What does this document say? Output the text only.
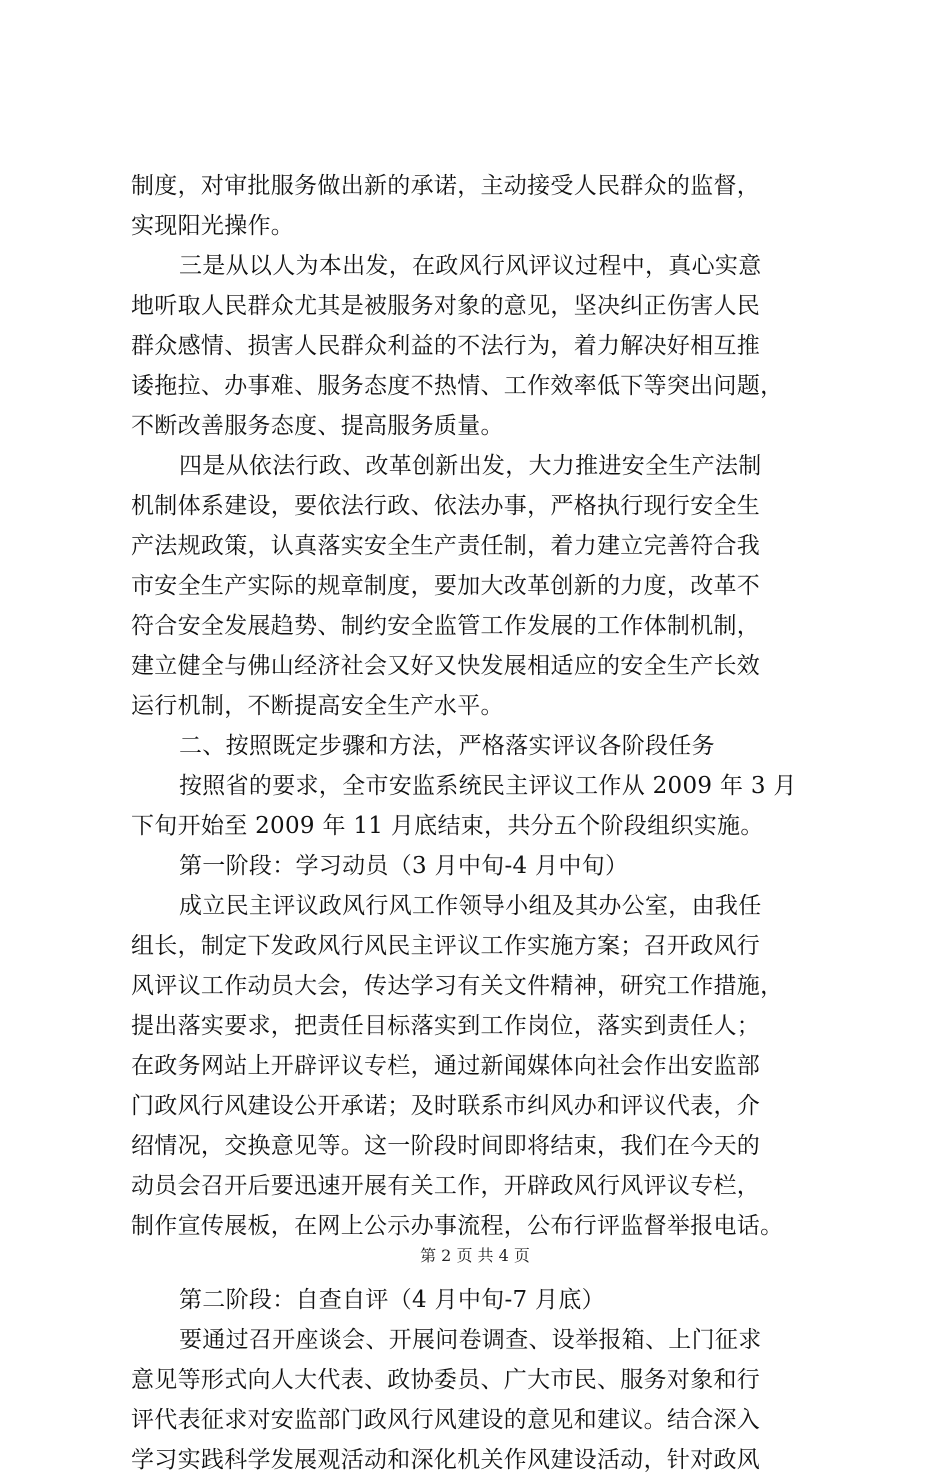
制度，对审批服务做出新的承诺，主动接受人民群众的监督，
实现阳光操作。
三是从以人为本出发，在政风行风评议过程中，真心实意
地听取人民群众尤其是被服务对象的意见，坚决纠正伤害人民
群众感情、损害人民群众利益的不法行为，着力解决好相互推
诿拖拉、办事难、服务态度不热情、工作效率低下等突出问题，
不断改善服务态度、提高服务质量。
四是从依法行政、改革创新出发，大力推进安全生产法制
机制体系建设，要依法行政、依法办事，严格执行现行安全生
产法规政策，认真落实安全生产责任制，着力建立完善符合我
市安全生产实际的规章制度，要加大改革创新的力度，改革不
符合安全发展趋势、制约安全监管工作发展的工作体制机制，
建立健全与佛山经济社会又好又快发展相适应的安全生产长效
运行机制，不断提高安全生产水平。
二、按照既定步骤和方法，严格落实评议各阶段任务
按照省的要求，全市安监系统民主评议工作从 2009 年 3 月
下旬开始至 2009 年 11 月底结束，共分五个阶段组织实施。
第一阶段：学习动员（3 月中旬-4 月中旬）
成立民主评议政风行风工作领导小组及其办公室，由我任
组长，制定下发政风行风民主评议工作实施方案；召开政风行
风评议工作动员大会，传达学习有关文件精神，研究工作措施，
提出落实要求，把责任目标落实到工作岗位，落实到责任人；
在政务网站上开辟评议专栏，通过新闻媒体向社会作出安监部
门政风行风建设公开承诺；及时联系市纠风办和评议代表，介
绍情况，交换意见等。这一阶段时间即将结束，我们在今天的
动员会召开后要迅速开展有关工作，开辟政风行风评议专栏，
制作宣传展板，在网上公示办事流程，公布行评监督举报电话。
第二阶段：自查自评（4 月中旬-7 月底）
要通过召开座谈会、开展问卷调查、设举报箱、上门征求
意见等形式向人大代表、政协委员、广大市民、服务对象和行
评代表征求对安监部门政风行风建设的意见和建议。结合深入
学习实践科学发展观活动和深化机关作风建设活动，针对政风
第 2 页 共 4 页
